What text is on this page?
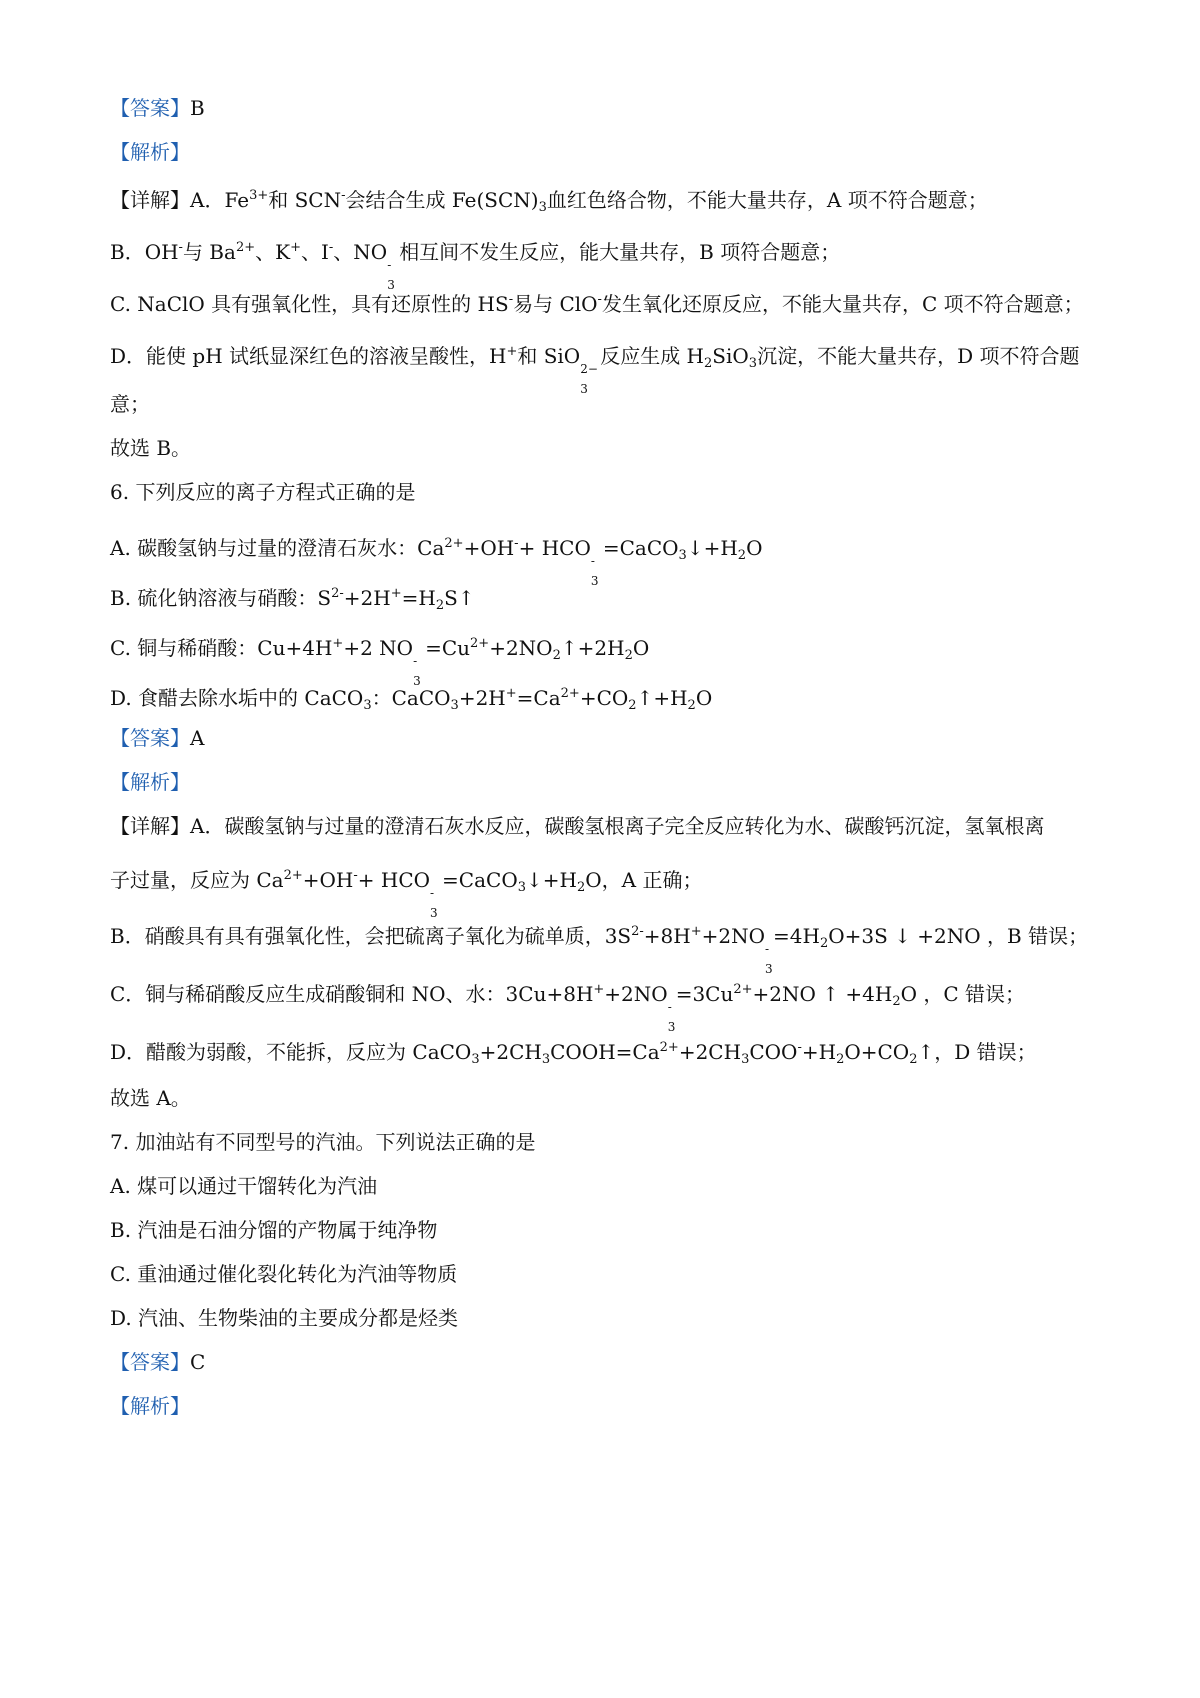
【答案】B
【解析】
【详解】A．$Fe^{3+}$和 SCN-会结合生成 $Fe(SCN)_3$血红色络合物，不能大量共存，A 项不符合题意；
B．OH-与 $Ba^{2+}$、K+、I-、NO
-
3
相互间不发生反应，能大量共存，B 项符合题意；
C. NaClO 具有强氧化性，具有还原性的 HS-易与 ClO-发生氧化还原反应，不能大量共存，C 项不符合题意；
D．能使 pH 试纸显深红色的溶液呈酸性，H+和 SiO
2−
3
反应生成 $H_2SiO_3$沉淀，不能大量共存，D 项不符合题
意；
故选 B。
6. 下列反应的离子方程式正确的是
A. 碳酸氢钠与过量的澄清石灰水：$Ca^{2+}+OH^-+$ HCO
-
3
$=CaCO_3↓+H_2O$
B. 硫化钠溶液与硝酸：$S^{2-}+2H^+=H_2S↑$
C. 铜与稀硝酸：Cu+4H++2 NO
-
3
$=Cu^{2+}+2NO_2↑+2H_2O$
D. 食醋去除水垢中的 CaCO$_3$：$CaCO_3+2H^+=Ca^{2+}+CO_2↑+H_2O$
【答案】A
【解析】
【详解】A．碳酸氢钠与过量的澄清石灰水反应，碳酸氢根离子完全反应转化为水、碳酸钙沉淀，氢氧根离
子过量，反应为 $Ca^{2+}+OH^-+$ HCO
-
3
$=CaCO_3↓+H_2O$，A 正确；
B．硝酸具有具有强氧化性，会把硫离子氧化为硫单质，$3S^{2-}+8H^++2NO$
-
3
$=4H_2O+3S$ ↓ +2NO ，B 错误；
C．铜与稀硝酸反应生成硝酸铜和 NO、水：3Cu+8H++2NO
-
3
$=3Cu^{2+}+2NO$ ↑ $+4H_2O$ ，C 错误；
D．醋酸为弱酸，不能拆，反应为 $CaCO_3+2CH_3COOH=Ca^{2+}+2CH_3COO^-+H_2O+CO_2↑$，D 错误；
故选 A。
7. 加油站有不同型号的汽油。下列说法正确的是
A. 煤可以通过干馏转化为汽油
B. 汽油是石油分馏的产物属于纯净物
C. 重油通过催化裂化转化为汽油等物质
D. 汽油、生物柴油的主要成分都是烃类
【答案】C
【解析】
